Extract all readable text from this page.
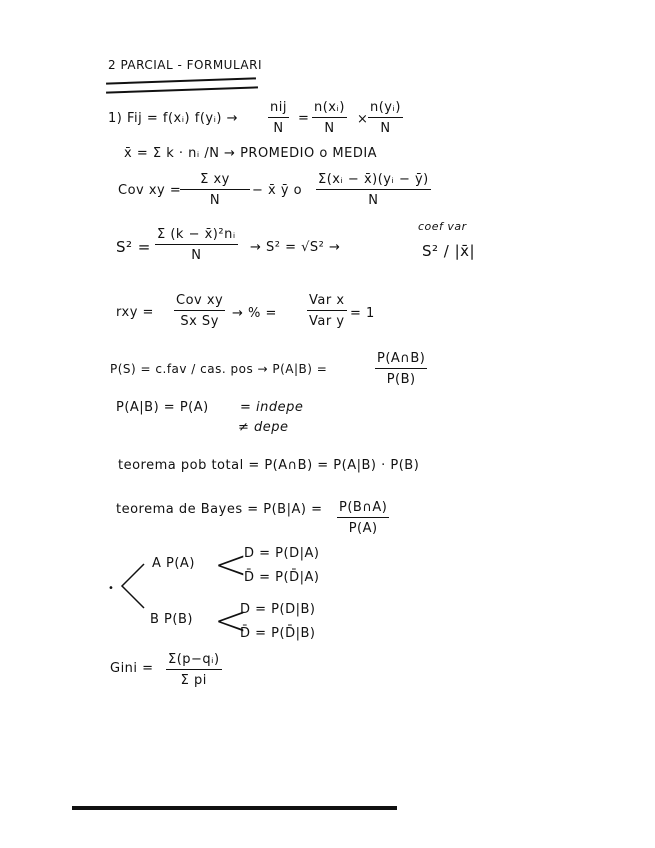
2 PARCIAL - FORMULARI
1) Fij = f(xᵢ) f(yᵢ) →
nij
N
= $\frac{\text{n(xᵢ)}}{N} \times \frac{\text{n(yᵢ)}}{N}$
x̄ = Σ k · nᵢ /N → PROMEDIO o MEDIA
Cov xy =
$\frac{\text{Σ xy}}{N}$ − x̄ ȳ o $\frac{\text{Σ(xᵢ − x̄)(yᵢ − ȳ)}}{N}$
$S^2 = \frac{\text{Σ (k − x̄)²nᵢ}}{N} \to S^2 = √S^2$ →
coef var
S² / |x̄|
rxy =
Cov xy
Sx Sy
→ % =
Var x
Var y
= 1
P(S) = c.fav / cas. pos → P(A|B) =	$\frac{P(A\cap B)}{P(B)}$
P(A|B) = P(A) = indepe
≠ depe
teorema pob total = P(A∩B) = P(A|B) · P(B)
teorema de Bayes = $P(B|A) = \frac{P(B\cap A)}{P(A)}$
•
A P(A) <
D = P(D|A)
D̄ = P(D̄|A)
B P(B) <
D = P(D|B)
D̄ = P(D̄|B)
Gini = $\frac{\text{Σ(p−qᵢ)}}{\text{Σ pi}}$
